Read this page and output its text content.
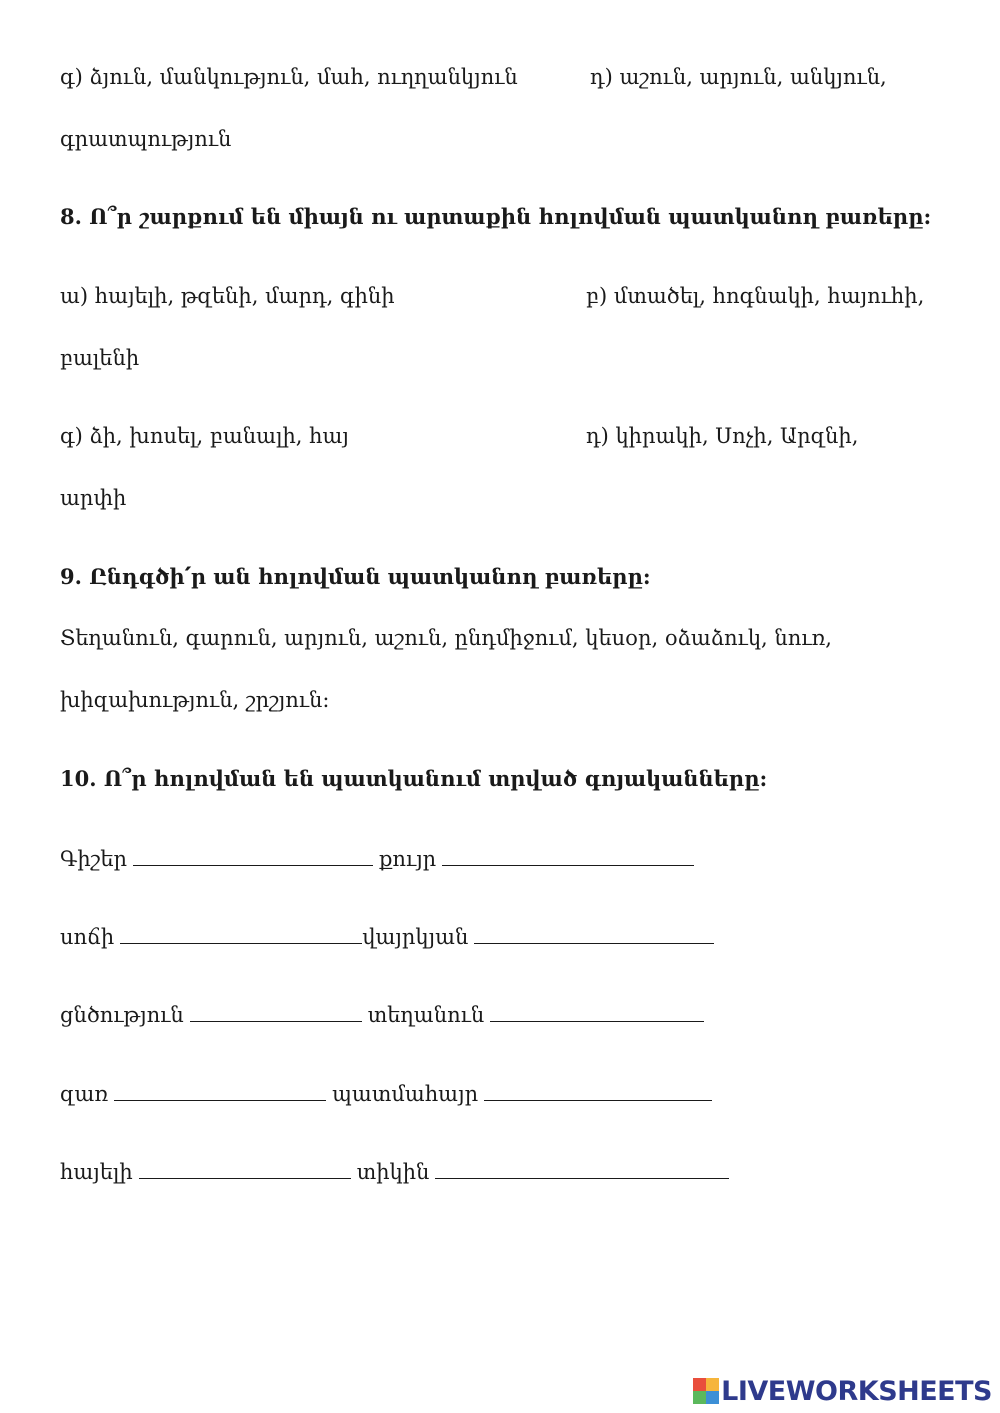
գ) ձյուն, մանկություն, մահ, ուղղանկյուն	դ) աշուն, արյուն, անկյուն,
գրատպություն
8. Ո՞ր շարքում են միայն ու արտաքին հոլովման պատկանող բառերը:
ա) հայելի, թզենի, մարդ, գինի	բ) մտածել, հոգնակի, հայուհի,
բալենի
գ) ձի, խոսել, բանալի, հայ	դ) կիրակի, Սոչի, Արզնի,
արփի
9. Ընդգծի՛ր ան հոլովման պատկանող բառերը:
Տեղանուն, գարուն, արյուն, աշուն, ընդմիջում, կեսօր, օձաձուկ, նուռ,
խիզախություն, շրշյուն:
10. Ո՞ր հոլովման են պատկանում տրված գոյականները:
Գիշեր	քույր
սոճի	վայրկյան
ցնծություն	տեղանուն
զառ	պատմահայր
հայելի	տիկին
LIVEWORKSHEETS
